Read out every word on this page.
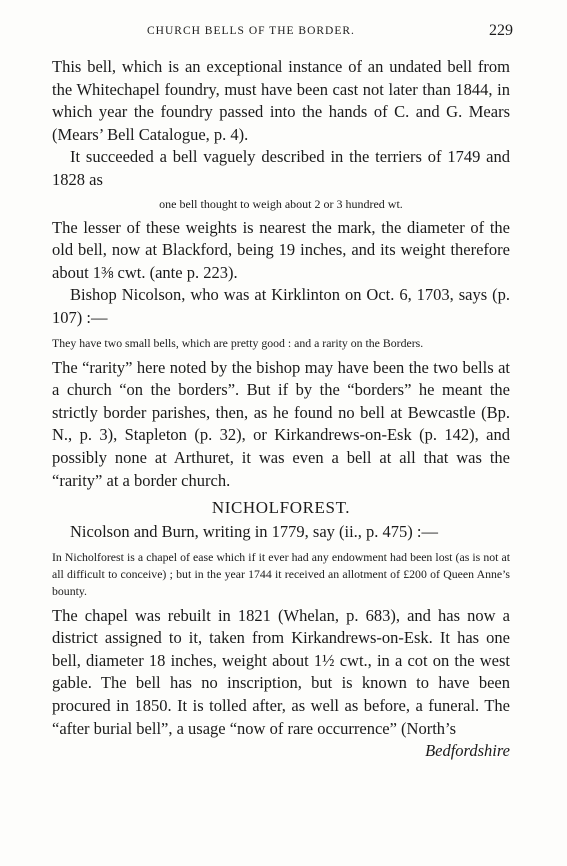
CHURCH BELLS OF THE BORDER.	229

This bell, which is an exceptional instance of an undated bell from the Whitechapel foundry, must have been cast not later than 1844, in which year the foundry passed into the hands of C. and G. Mears (Mears’ Bell Catalogue, p. 4).

It succeeded a bell vaguely described in the terriers of 1749 and 1828 as

one bell thought to weigh about 2 or 3 hundred wt.

The lesser of these weights is nearest the mark, the diameter of the old bell, now at Blackford, being 19 inches, and its weight therefore about 1⅜ cwt. (ante p. 223).

Bishop Nicolson, who was at Kirklinton on Oct. 6, 1703, says (p. 107) :—

They have two small bells, which are pretty good : and a rarity on the Borders.

The “rarity” here noted by the bishop may have been the two bells at a church “on the borders”. But if by the “borders” he meant the strictly border parishes, then, as he found no bell at Bewcastle (Bp. N., p. 3), Stapleton (p. 32), or Kirkandrews-on-Esk (p. 142), and possibly none at Arthuret, it was even a bell at all that was the “rarity” at a border church.

NICHOLFOREST.

Nicolson and Burn, writing in 1779, say (ii., p. 475) :—

In Nicholforest is a chapel of ease which if it ever had any endowment had been lost (as is not at all difficult to conceive) ; but in the year 1744 it received an allotment of £200 of Queen Anne’s bounty.

The chapel was rebuilt in 1821 (Whelan, p. 683), and has now a district assigned to it, taken from Kirkandrews-on-Esk. It has one bell, diameter 18 inches, weight about 1½ cwt., in a cot on the west gable. The bell has no inscription, but is known to have been procured in 1850. It is tolled after, as well as before, a funeral. The “after burial bell”, a usage “now of rare occurrence” (North’s

Bedfordshire
